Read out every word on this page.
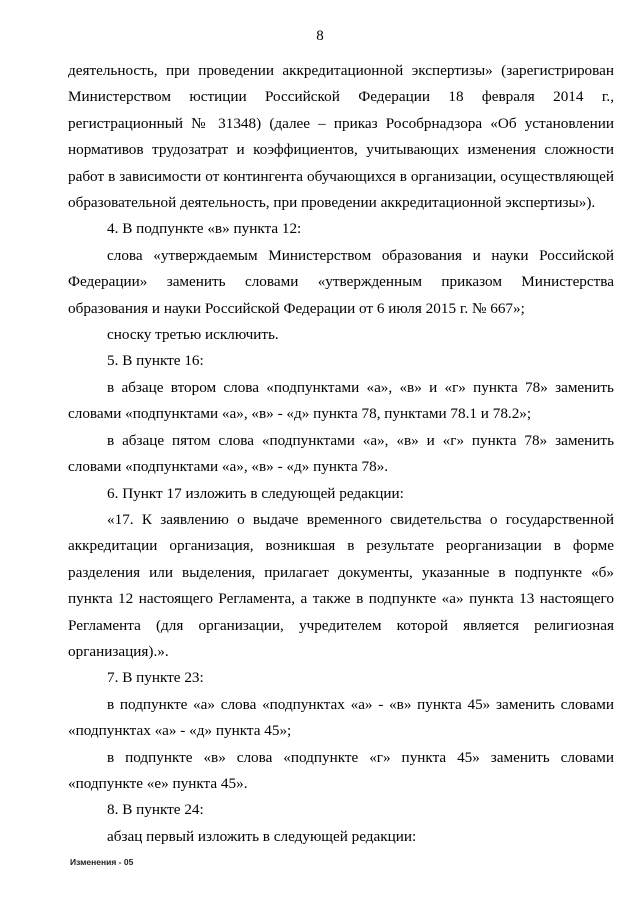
8

деятельность, при проведении аккредитационной экспертизы» (зарегистрирован Министерством юстиции Российской Федерации 18 февраля 2014 г., регистрационный № 31348) (далее – приказ Рособрнадзора «Об установлении нормативов трудозатрат и коэффициентов, учитывающих изменения сложности работ в зависимости от контингента обучающихся в организации, осуществляющей образовательной деятельность, при проведении аккредитационной экспертизы»).

4. В подпункте «в» пункта 12:

слова «утверждаемым Министерством образования и науки Российской Федерации» заменить словами «утвержденным приказом Министерства образования и науки Российской Федерации от 6 июля 2015 г. № 667»;

сноску третью исключить.

5. В пункте 16:

в абзаце втором слова «подпунктами «а», «в» и «г» пункта 78» заменить словами «подпунктами «а», «в» - «д» пункта 78, пунктами 78.1 и 78.2»;

в абзаце пятом слова «подпунктами «а», «в» и «г» пункта 78» заменить словами «подпунктами «а», «в» - «д» пункта 78».

6. Пункт 17 изложить в следующей редакции:

«17. К заявлению о выдаче временного свидетельства о государственной аккредитации организация, возникшая в результате реорганизации в форме разделения или выделения, прилагает документы, указанные в подпункте «б» пункта 12 настоящего Регламента, а также в подпункте «а» пункта 13 настоящего Регламента (для организации, учредителем которой является религиозная организация).».

7. В пункте 23:

в подпункте «а» слова «подпунктах «а» - «в» пункта 45» заменить словами «подпунктах «а» - «д» пункта 45»;

в подпункте «в» слова «подпункте «г» пункта 45» заменить словами «подпункте «е» пункта 45».

8. В пункте 24:

абзац первый изложить в следующей редакции:

Изменения - 05
